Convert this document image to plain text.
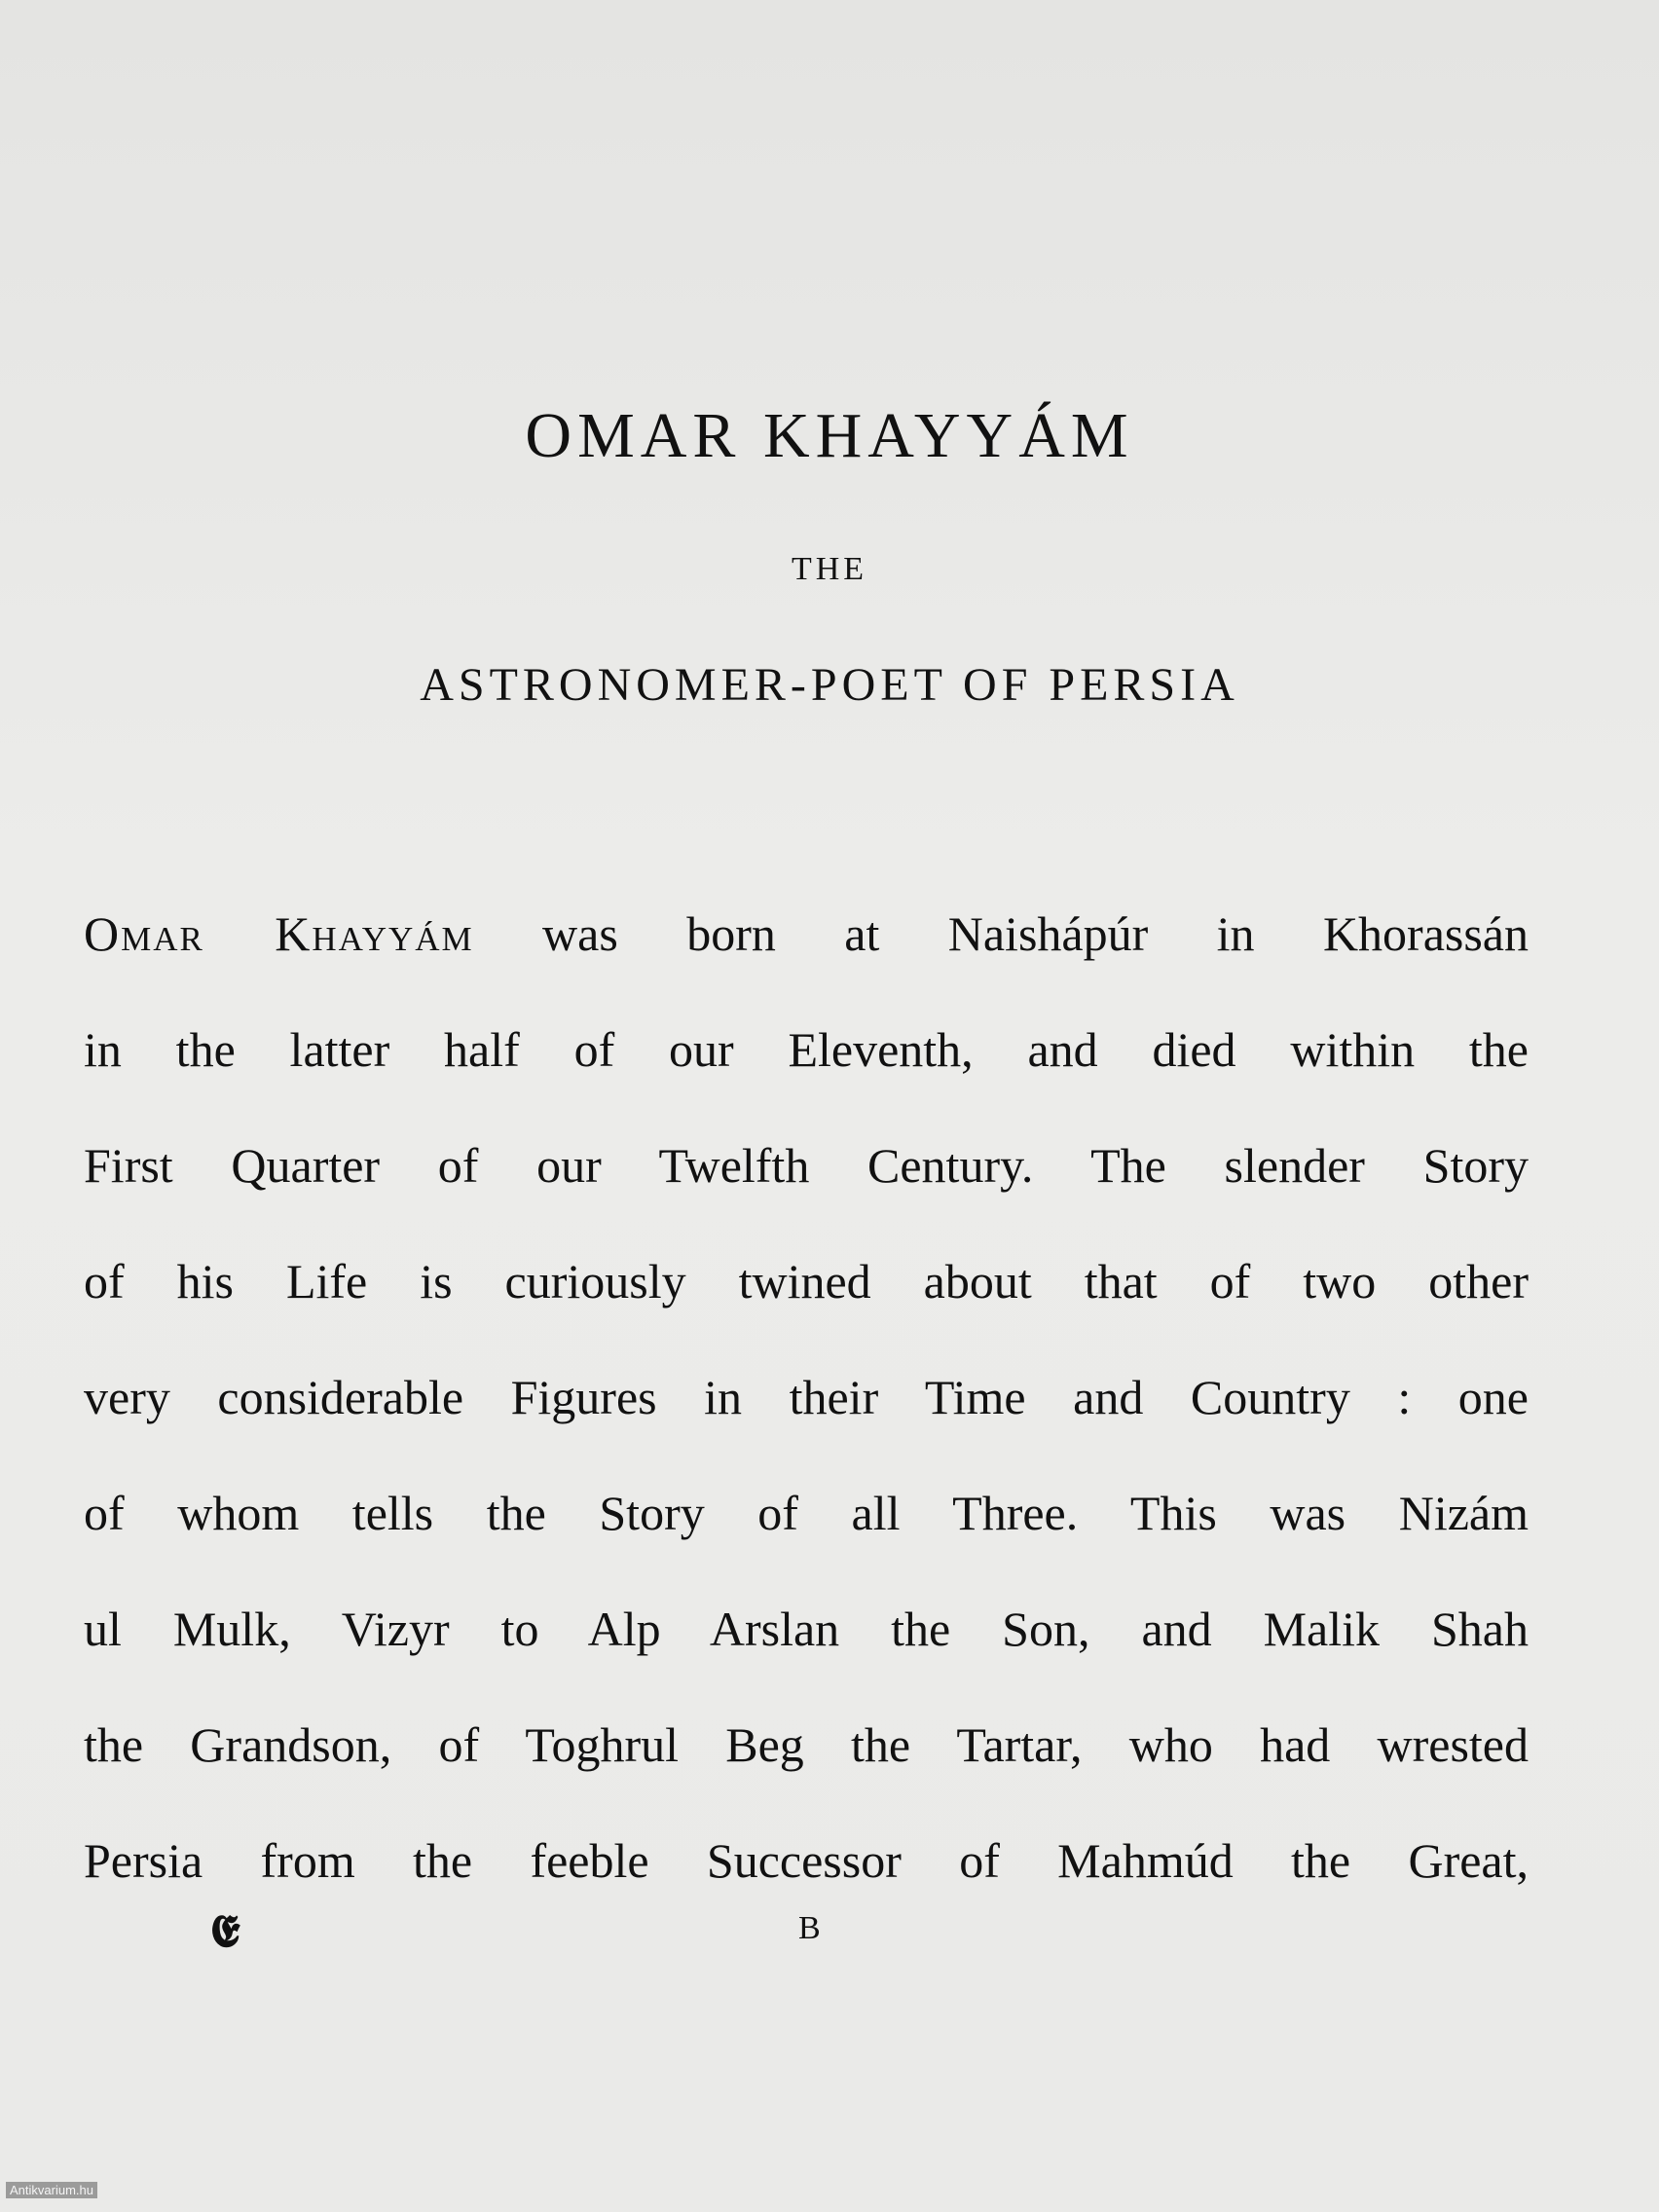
OMAR KHAYYÁM
THE
ASTRONOMER-POET OF PERSIA
Omar Khayyám was born at Naishápúr in Khorassán
in the latter half of our Eleventh, and died within the
First Quarter of our Twelfth Century. The slender Story
of his Life is curiously twined about that of two other
very considerable Figures in their Time and Country : one
of whom tells the Story of all Three. This was Nizám
ul Mulk, Vizyr to Alp Arslan the Son, and Malik Shah
the Grandson, of Toghrul Beg the Tartar, who had wrested
Persia from the feeble Successor of Mahmúd the Great,
𝕰	B
Antikvarium.hu
